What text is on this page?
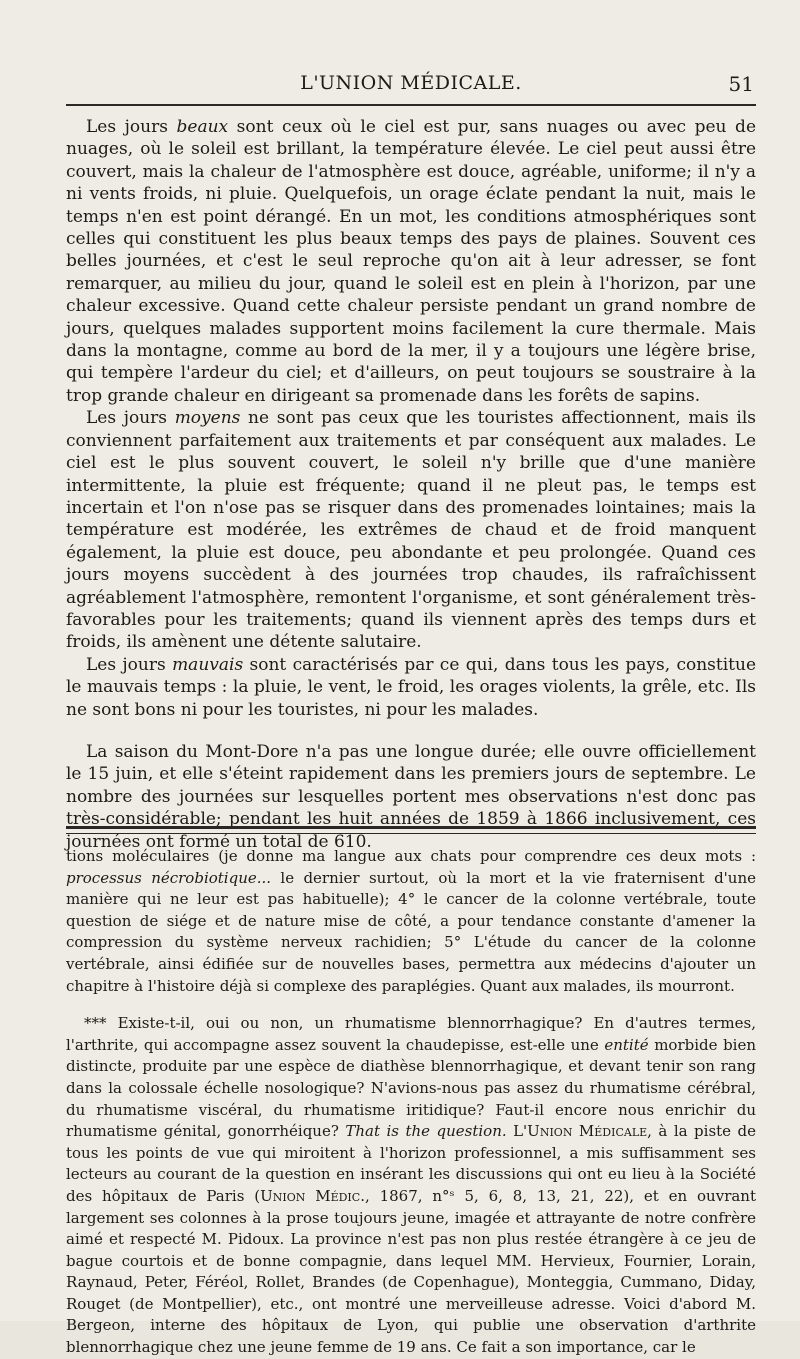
L'UNION MÉDICALE.	51

Les jours beaux sont ceux où le ciel est pur, sans nuages ou avec peu de nuages, où le soleil est brillant, la température élevée. Le ciel peut aussi être couvert, mais la chaleur de l'atmosphère est douce, agréable, uniforme; il n'y a ni vents froids, ni pluie. Quelquefois, un orage éclate pendant la nuit, mais le temps n'en est point dérangé. En un mot, les conditions atmosphériques sont celles qui constituent les plus beaux temps des pays de plaines. Souvent ces belles journées, et c'est le seul reproche qu'on ait à leur adresser, se font remarquer, au milieu du jour, quand le soleil est en plein à l'horizon, par une chaleur excessive. Quand cette chaleur persiste pendant un grand nombre de jours, quelques malades supportent moins facilement la cure thermale. Mais dans la montagne, comme au bord de la mer, il y a toujours une légère brise, qui tempère l'ardeur du ciel; et d'ailleurs, on peut toujours se soustraire à la trop grande chaleur en dirigeant sa promenade dans les forêts de sapins.

Les jours moyens ne sont pas ceux que les touristes affectionnent, mais ils conviennent parfaitement aux traitements et par conséquent aux malades. Le ciel est le plus souvent couvert, le soleil n'y brille que d'une manière intermittente, la pluie est fréquente; quand il ne pleut pas, le temps est incertain et l'on n'ose pas se risquer dans des promenades lointaines; mais la température est modérée, les extrêmes de chaud et de froid manquent également, la pluie est douce, peu abondante et peu prolongée. Quand ces jours moyens succèdent à des journées trop chaudes, ils rafraîchissent agréablement l'atmosphère, remontent l'organisme, et sont généralement très-favorables pour les traitements; quand ils viennent après des temps durs et froids, ils amènent une détente salutaire.

Les jours mauvais sont caractérisés par ce qui, dans tous les pays, constitue le mauvais temps : la pluie, le vent, le froid, les orages violents, la grêle, etc. Ils ne sont bons ni pour les touristes, ni pour les malades.

La saison du Mont-Dore n'a pas une longue durée; elle ouvre officiellement le 15 juin, et elle s'éteint rapidement dans les premiers jours de septembre. Le nombre des journées sur lesquelles portent mes observations n'est donc pas très-considérable; pendant les huit années de 1859 à 1866 inclusivement, ces journées ont formé un total de 610.

tions moléculaires (je donne ma langue aux chats pour comprendre ces deux mots : processus nécrobiotique... le dernier surtout, où la mort et la vie fraternisent d'une manière qui ne leur est pas habituelle); 4° le cancer de la colonne vertébrale, toute question de siége et de nature mise de côté, a pour tendance constante d'amener la compression du système nerveux rachidien; 5° L'étude du cancer de la colonne vertébrale, ainsi édifiée sur de nouvelles bases, permettra aux médecins d'ajouter un chapitre à l'histoire déjà si complexe des paraplégies. Quant aux malades, ils mourront.

*** Existe-t-il, oui ou non, un rhumatisme blennorrhagique? En d'autres termes, l'arthrite, qui accompagne assez souvent la chaudepisse, est-elle une entité morbide bien distincte, produite par une espèce de diathèse blennorrhagique, et devant tenir son rang dans la colossale échelle nosologique? N'avions-nous pas assez du rhumatisme cérébral, du rhumatisme viscéral, du rhumatisme iritidique? Faut-il encore nous enrichir du rhumatisme génital, gonorrhéique? That is the question. L'Union Médicale, à la piste de tous les points de vue qui miroitent à l'horizon professionnel, a mis suffisamment ses lecteurs au courant de la question en insérant les discussions qui ont eu lieu à la Société des hôpitaux de Paris (Union Médic., 1867, n°ˢ 5, 6, 8, 13, 21, 22), et en ouvrant largement ses colonnes à la prose toujours jeune, imagée et attrayante de notre confrère aimé et respecté M. Pidoux. La province n'est pas non plus restée étrangère à ce jeu de bague courtois et de bonne compagnie, dans lequel MM. Hervieux, Fournier, Lorain, Raynaud, Peter, Féréol, Rollet, Brandes (de Copenhague), Monteggia, Cummano, Diday, Rouget (de Montpellier), etc., ont montré une merveilleuse adresse. Voici d'abord M. Bergeon, interne des hôpitaux de Lyon, qui publie une observation d'arthrite blennorrhagique chez une jeune femme de 19 ans. Ce fait a son importance, car le
